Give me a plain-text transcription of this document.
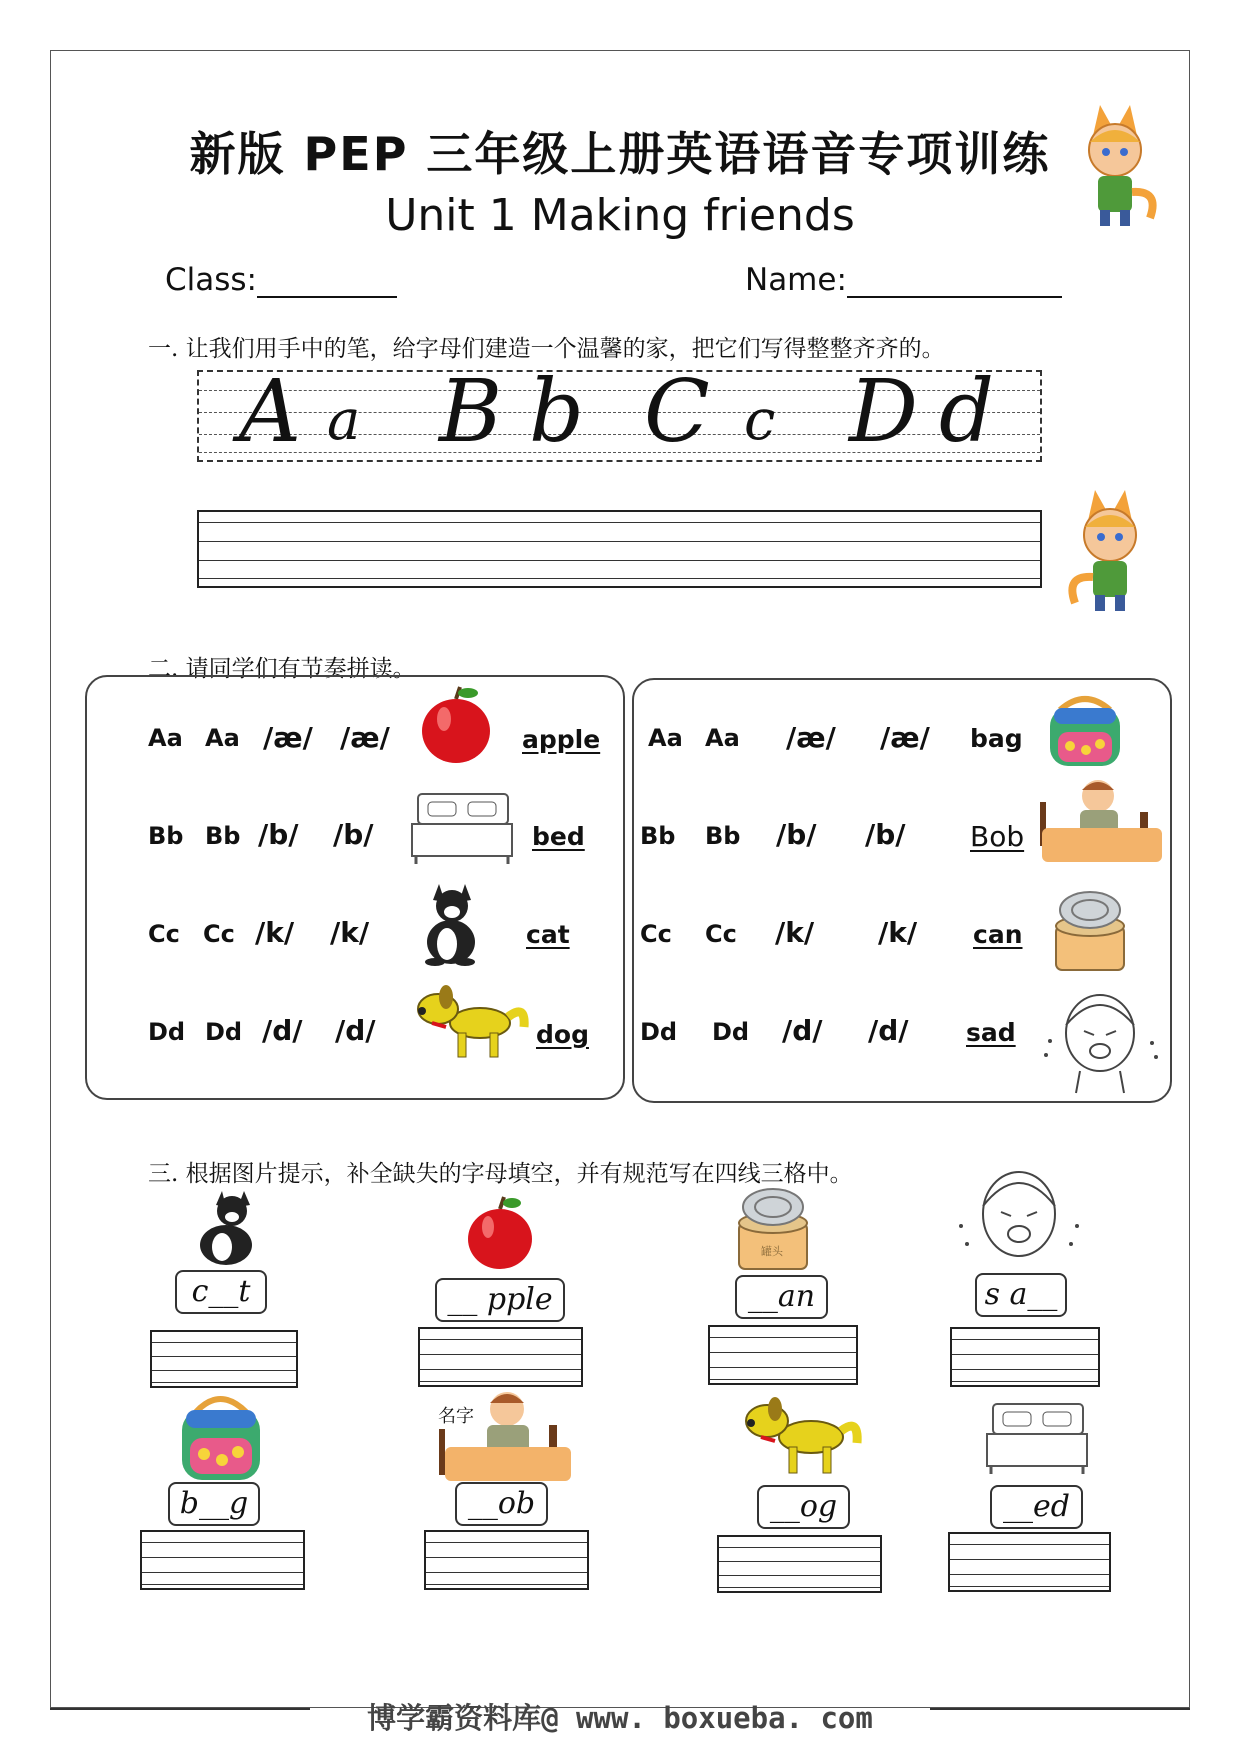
新版 PEP 三年级上册英语语音专项训练
Unit 1 Making friends
Class:	Name:
一. 让我们用手中的笔，给字母们建造一个温馨的家，把它们写得整整齐齐的。
A a B b C c D d
二. 请同学们有节奏拼读。
Aa Aa /æ/ /æ/	apple
Bb Bb /b/ /b/	bed
Cc Cc /k/ /k/	cat
Dd Dd /d/ /d/	dog
Aa Aa /æ/ /æ/ bag
Bb Bb /b/ /b/ Bob
Cc Cc /k/ /k/ can
Dd Dd /d/ /d/ sad
三. 根据图片提示，补全缺失的字母填空，并有规范写在四线三格中。
c__t	__ pple
罐头
__an	s a__
b__g
名字
__ob	__og	__ed
博学霸资料库@ www. boxueba. com
